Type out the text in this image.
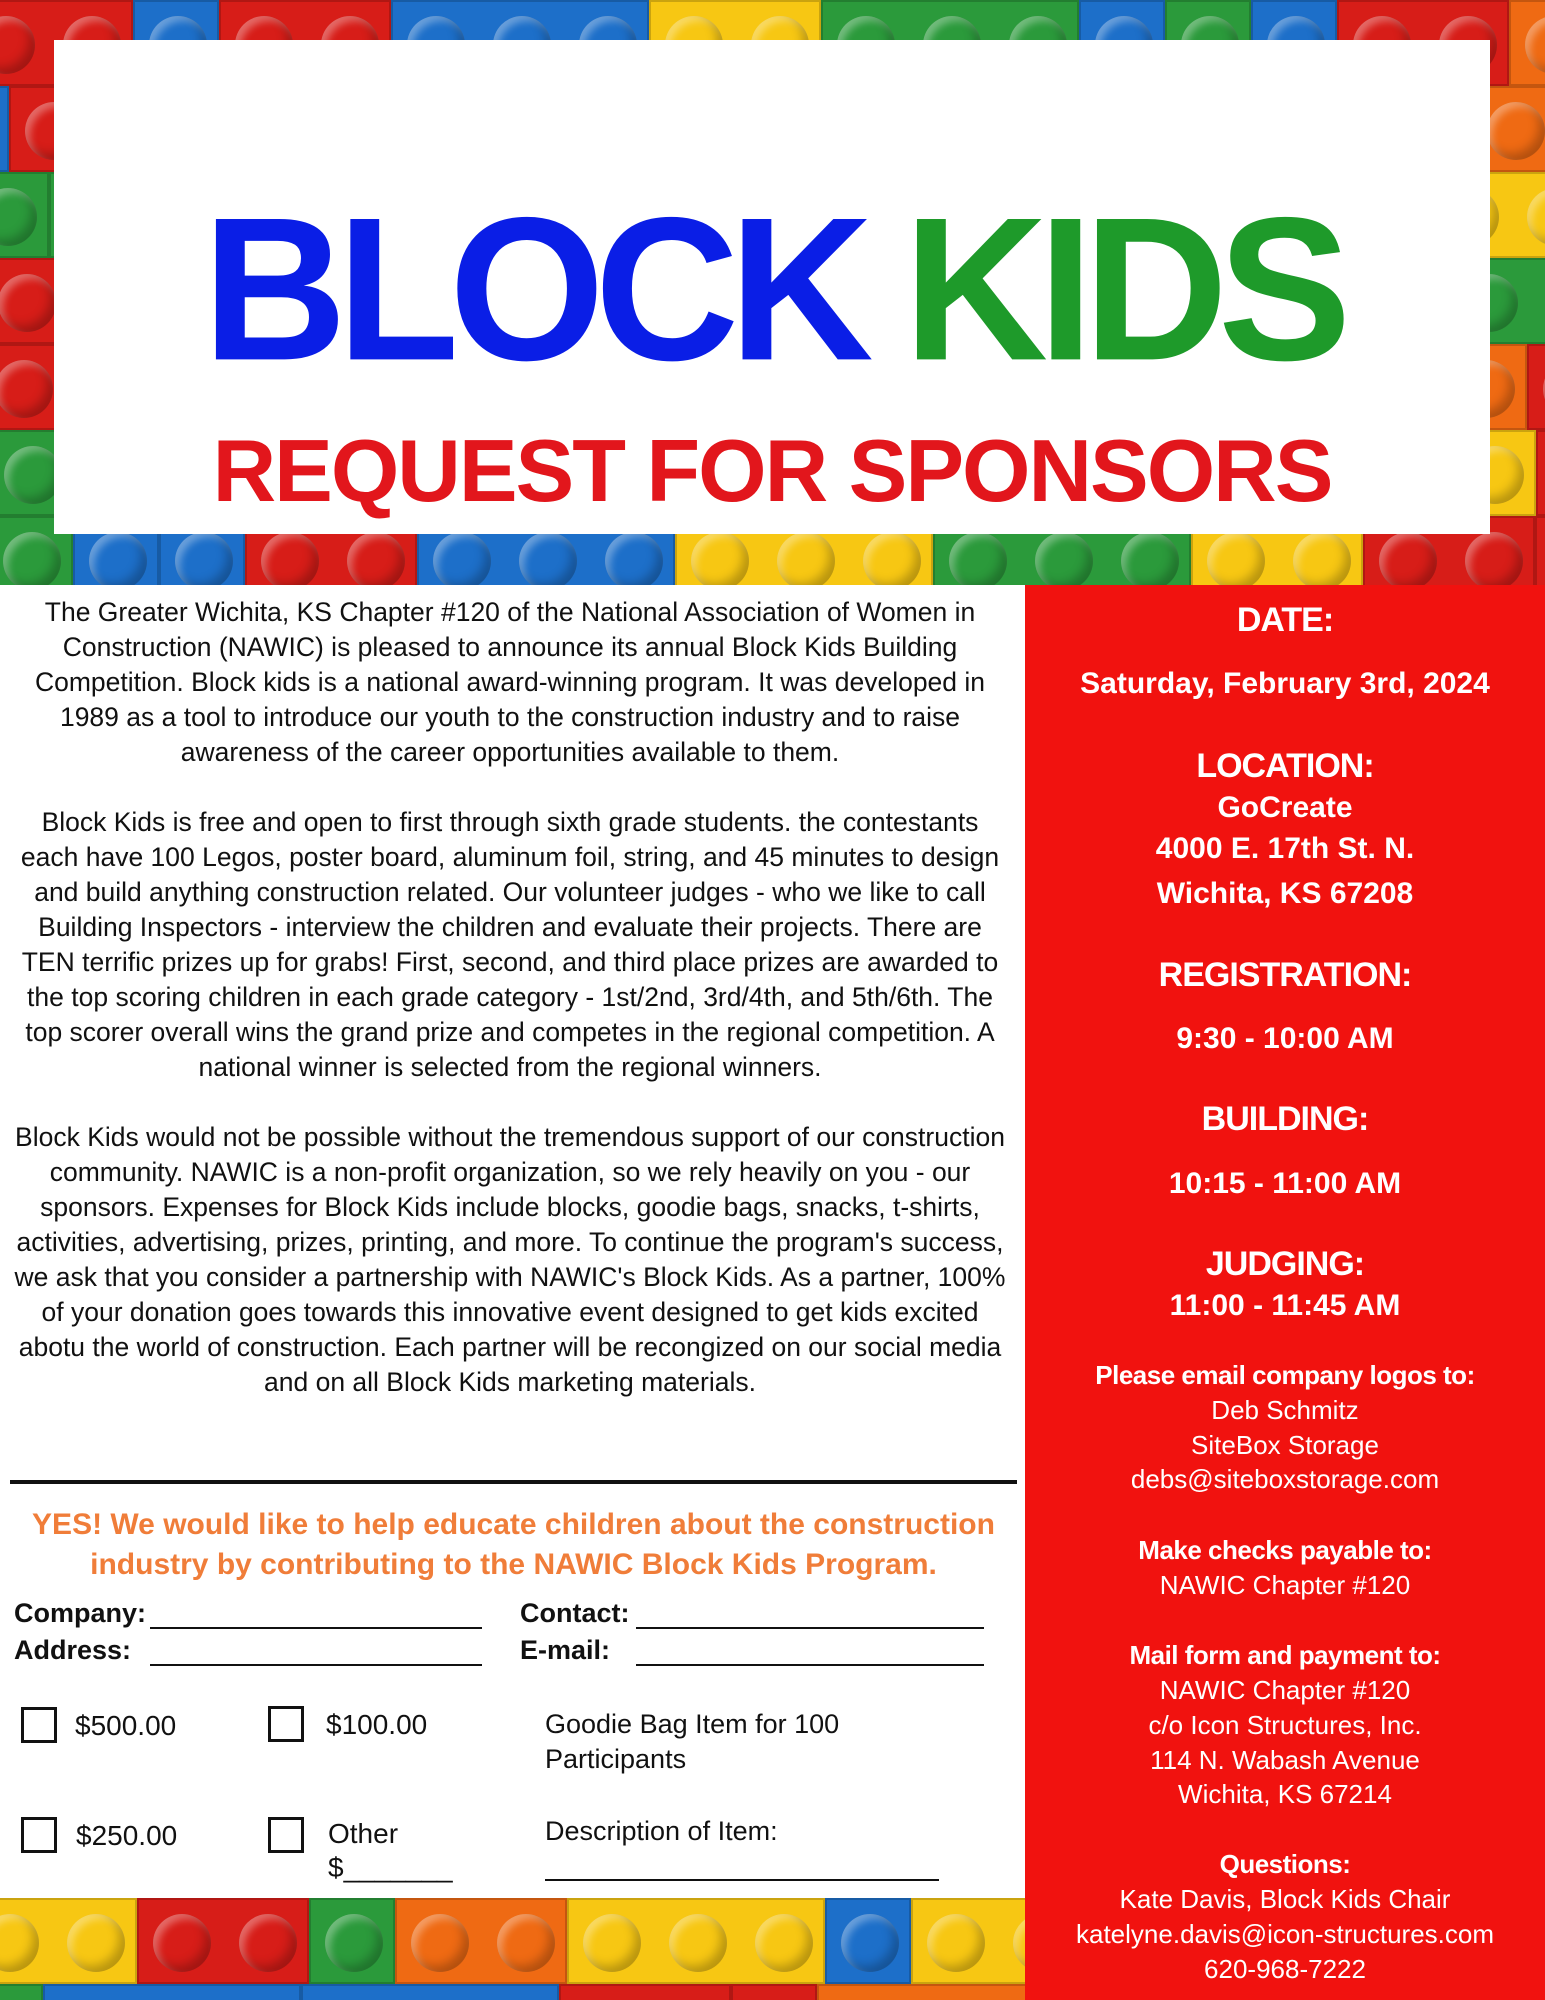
BLOCK KIDS
REQUEST FOR SPONSORS

The Greater Wichita, KS Chapter #120 of the National Association of Women in Construction (NAWIC) is pleased to announce its annual Block Kids Building Competition. Block kids is a national award-winning program. It was developed in 1989 as a tool to introduce our youth to the construction industry and to raise awareness of the career opportunities available to them.

Block Kids is free and open to first through sixth grade students. the contestants each have 100 Legos, poster board, aluminum foil, string, and 45 minutes to design and build anything construction related. Our volunteer judges - who we like to call Building Inspectors - interview the children and evaluate their projects. There are TEN terrific prizes up for grabs! First, second, and third place prizes are awarded to the top scoring children in each grade category - 1st/2nd, 3rd/4th, and 5th/6th. The top scorer overall wins the grand prize and competes in the regional competition. A national winner is selected from the regional winners.

Block Kids would not be possible without the tremendous support of our construction community. NAWIC is a non-profit organization, so we rely heavily on you - our sponsors. Expenses for Block Kids include blocks, goodie bags, snacks, t-shirts, activities, advertising, prizes, printing, and more. To continue the program's success, we ask that you consider a partnership with NAWIC's Block Kids. As a partner, 100% of your donation goes towards this innovative event designed to get kids excited abotu the world of construction. Each partner will be recongized on our social media and on all Block Kids marketing materials.

YES! We would like to help educate children about the construction industry by contributing to the NAWIC Block Kids Program.
Company:
Address:
Contact:
E-mail:
$500.00	$100.00
$250.00	Other
$_______
Goodie Bag Item for 100 Participants
Description of Item:
DATE:
Saturday, February 3rd, 2024
LOCATION:
GoCreate
4000 E. 17th St. N.
Wichita, KS 67208
REGISTRATION:
9:30 - 10:00 AM
BUILDING:
10:15 - 11:00 AM
JUDGING:
11:00 - 11:45 AM
Please email company logos to:
Deb Schmitz
SiteBox Storage
debs@siteboxstorage.com
Make checks payable to:
NAWIC Chapter #120
Mail form and payment to:
NAWIC Chapter #120
c/o Icon Structures, Inc.
114 N. Wabash Avenue
Wichita, KS 67214
Questions:
Kate Davis, Block Kids Chair
katelyne.davis@icon-structures.com
620-968-7222
